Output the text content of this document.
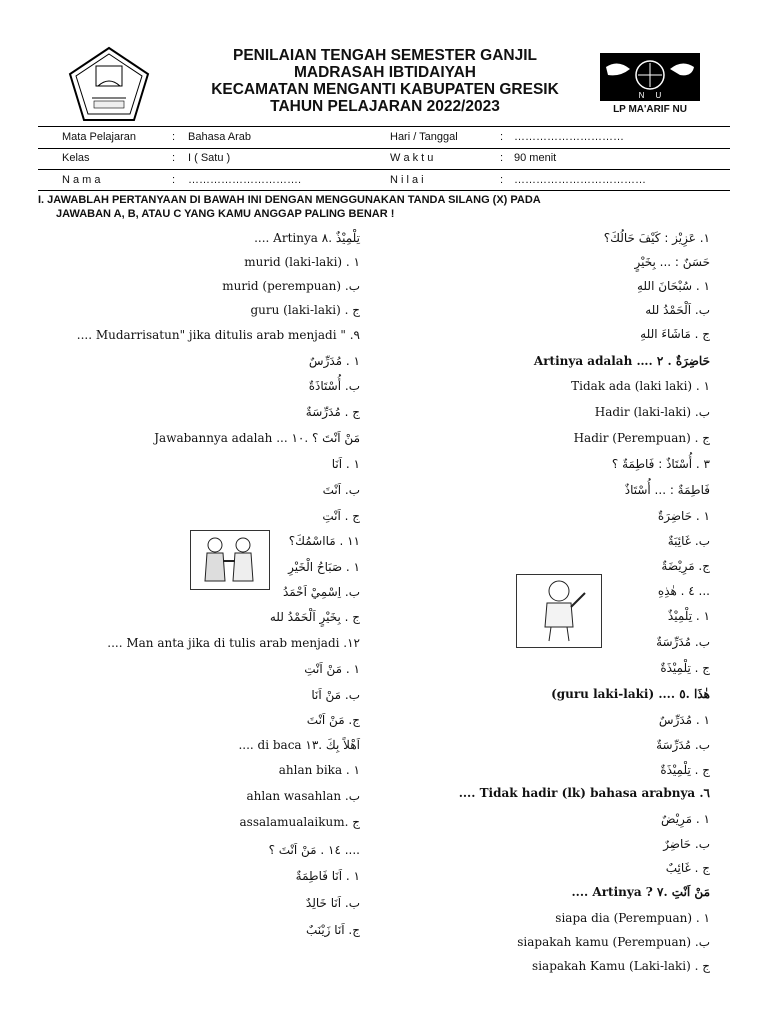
PENILAIAN TENGAH SEMESTER GANJIL
MADRASAH IBTIDAIYAH
KECAMATAN MENGANTI KABUPATEN GRESIK
TAHUN PELAJARAN 2022/2023
N     U
LP MA'ARIF NU
Mata Pelajaran	: Bahasa Arab	Hari / Tanggal	: …………………………
Kelas	: I ( Satu )	W a k t u	: 90 menit
N a m a	: ………………………….	N i l a i	: ………………………………
I. JAWABLAH PERTANYAAN DI BAWAH INI DENGAN MENGGUNAKAN TANDA SILANG (X) PADA
JAWABAN A, B, ATAU C YANG KAMU ANGGAP PALING BENAR !
١. عَزِيْز : كَيْفَ حَالُكَ؟
حَسَنٌ : ... بِخَيْرٍ
١ . سُبْحَانَ اللهِ
ب. اَلْحَمْدُ لله
ج . مَاشَاءَ اللهِ
Artinya adalah …. حَاضِرَةٌ . ٢
Tidak ada (laki laki) . ١
Hadir (laki-laki) .ب
Hadir (Perempuan) . ج
٣ . أُسْتَاذٌ : فَاطِمَةٌ ؟
فَاطِمَةٌ : ... أُسْتَاذٌ
١ . حَاضِرَةٌ
ب. غَائِبَةٌ
ج. مَرِيْضَةٌ
٤ . هٰذِهِ ...
١ . تِلْمِيْذٌ
ب. مُدَرِّسَةٌ
ج . تِلْمِيْذَةٌ
(guru laki-laki) .... هٰذَا .٥
١ . مُدَرِّسٌ
ب. مُدَرِّسَةٌ
ج . تِلْمِيْذَةٌ
.... Tidak hadir (lk) bahasa arabnya .٦
١ . مَرِيْضٌ
ب. حَاضِرٌ
ج . غَائِبٌ
.... Artinya ? مَنْ اَنْتِ .٧
siapa dia (Perempuan) . ١
siapakah kamu (Perempuan) .ب
siapakah Kamu (Laki-laki) . ج
.... Artinya تِلْمِيْذٌ .٨
murid (laki-laki) . ١
murid (perempuan) .ب
guru (laki-laki) . ج
.... Mudarrisatun" jika ditulis arab menjadi " .٩
١ . مُدَرِّسٌ
ب. أُسْتَاذَةٌ
ج . مُدَرِّسَةٌ
Jawabannya adalah ... مَنْ اَنْتَ ؟ .١٠
١ . اَنَا
ب. اَنْتَ
ج . اَنْتِ
١١ . مَااسْمُكَ؟
١ . صَبَاحُ الْخَيْرِ
ب. اِسْمِيْ اَحْمَدُ
ج . بِخَيْرٍ اَلْحَمْدُ لله
.... Man anta jika di tulis arab menjadi .١٢
١ . مَنْ اَنْتِ
ب. مَنْ اَنَا
ج. مَنْ اَنْتَ
.... di baca اَهْلاً بِكَ .١٣
ahlan bika . ١
ahlan wasahlan .ب
assalamualaikum. ج
١٤ . مَنْ اَنْتَ ؟ ....
١ . اَنَا فَاطِمَةٌ
ب. اَنَا خَالِدٌ
ج. اَنَا زَيْنَبٌ
